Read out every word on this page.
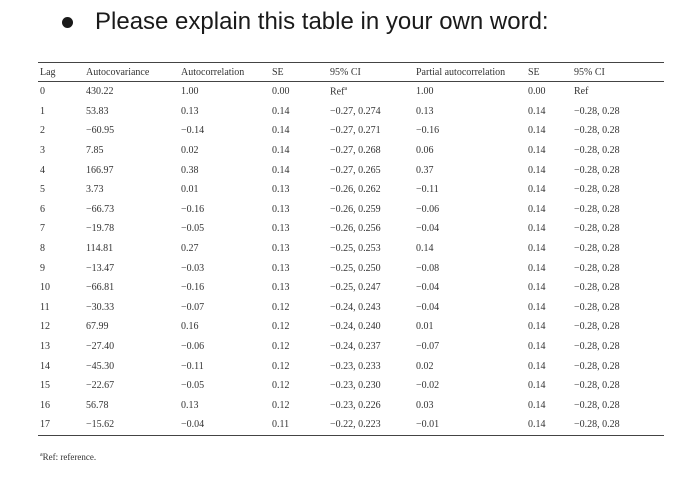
Please explain this table in your own word:
Lag	Autocovariance	Autocorrelation	SE	95% CI	Partial autocorrelation	SE	95% CI
0	430.22	1.00	0.00	Ref$^a$	1.00	0.00	Ref
1	53.83	0.13	0.14	−0.27, 0.274	0.13	0.14	−0.28, 0.28
2	−60.95	−0.14	0.14	−0.27, 0.271	−0.16	0.14	−0.28, 0.28
3	7.85	0.02	0.14	−0.27, 0.268	0.06	0.14	−0.28, 0.28
4	166.97	0.38	0.14	−0.27, 0.265	0.37	0.14	−0.28, 0.28
5	3.73	0.01	0.13	−0.26, 0.262	−0.11	0.14	−0.28, 0.28
6	−66.73	−0.16	0.13	−0.26, 0.259	−0.06	0.14	−0.28, 0.28
7	−19.78	−0.05	0.13	−0.26, 0.256	−0.04	0.14	−0.28, 0.28
8	114.81	0.27	0.13	−0.25, 0.253	0.14	0.14	−0.28, 0.28
9	−13.47	−0.03	0.13	−0.25, 0.250	−0.08	0.14	−0.28, 0.28
10	−66.81	−0.16	0.13	−0.25, 0.247	−0.04	0.14	−0.28, 0.28
11	−30.33	−0.07	0.12	−0.24, 0.243	−0.04	0.14	−0.28, 0.28
12	67.99	0.16	0.12	−0.24, 0.240	0.01	0.14	−0.28, 0.28
13	−27.40	−0.06	0.12	−0.24, 0.237	−0.07	0.14	−0.28, 0.28
14	−45.30	−0.11	0.12	−0.23, 0.233	0.02	0.14	−0.28, 0.28
15	−22.67	−0.05	0.12	−0.23, 0.230	−0.02	0.14	−0.28, 0.28
16	56.78	0.13	0.12	−0.23, 0.226	0.03	0.14	−0.28, 0.28
17	−15.62	−0.04	0.11	−0.22, 0.223	−0.01	0.14	−0.28, 0.28
$^a$Ref: reference.
